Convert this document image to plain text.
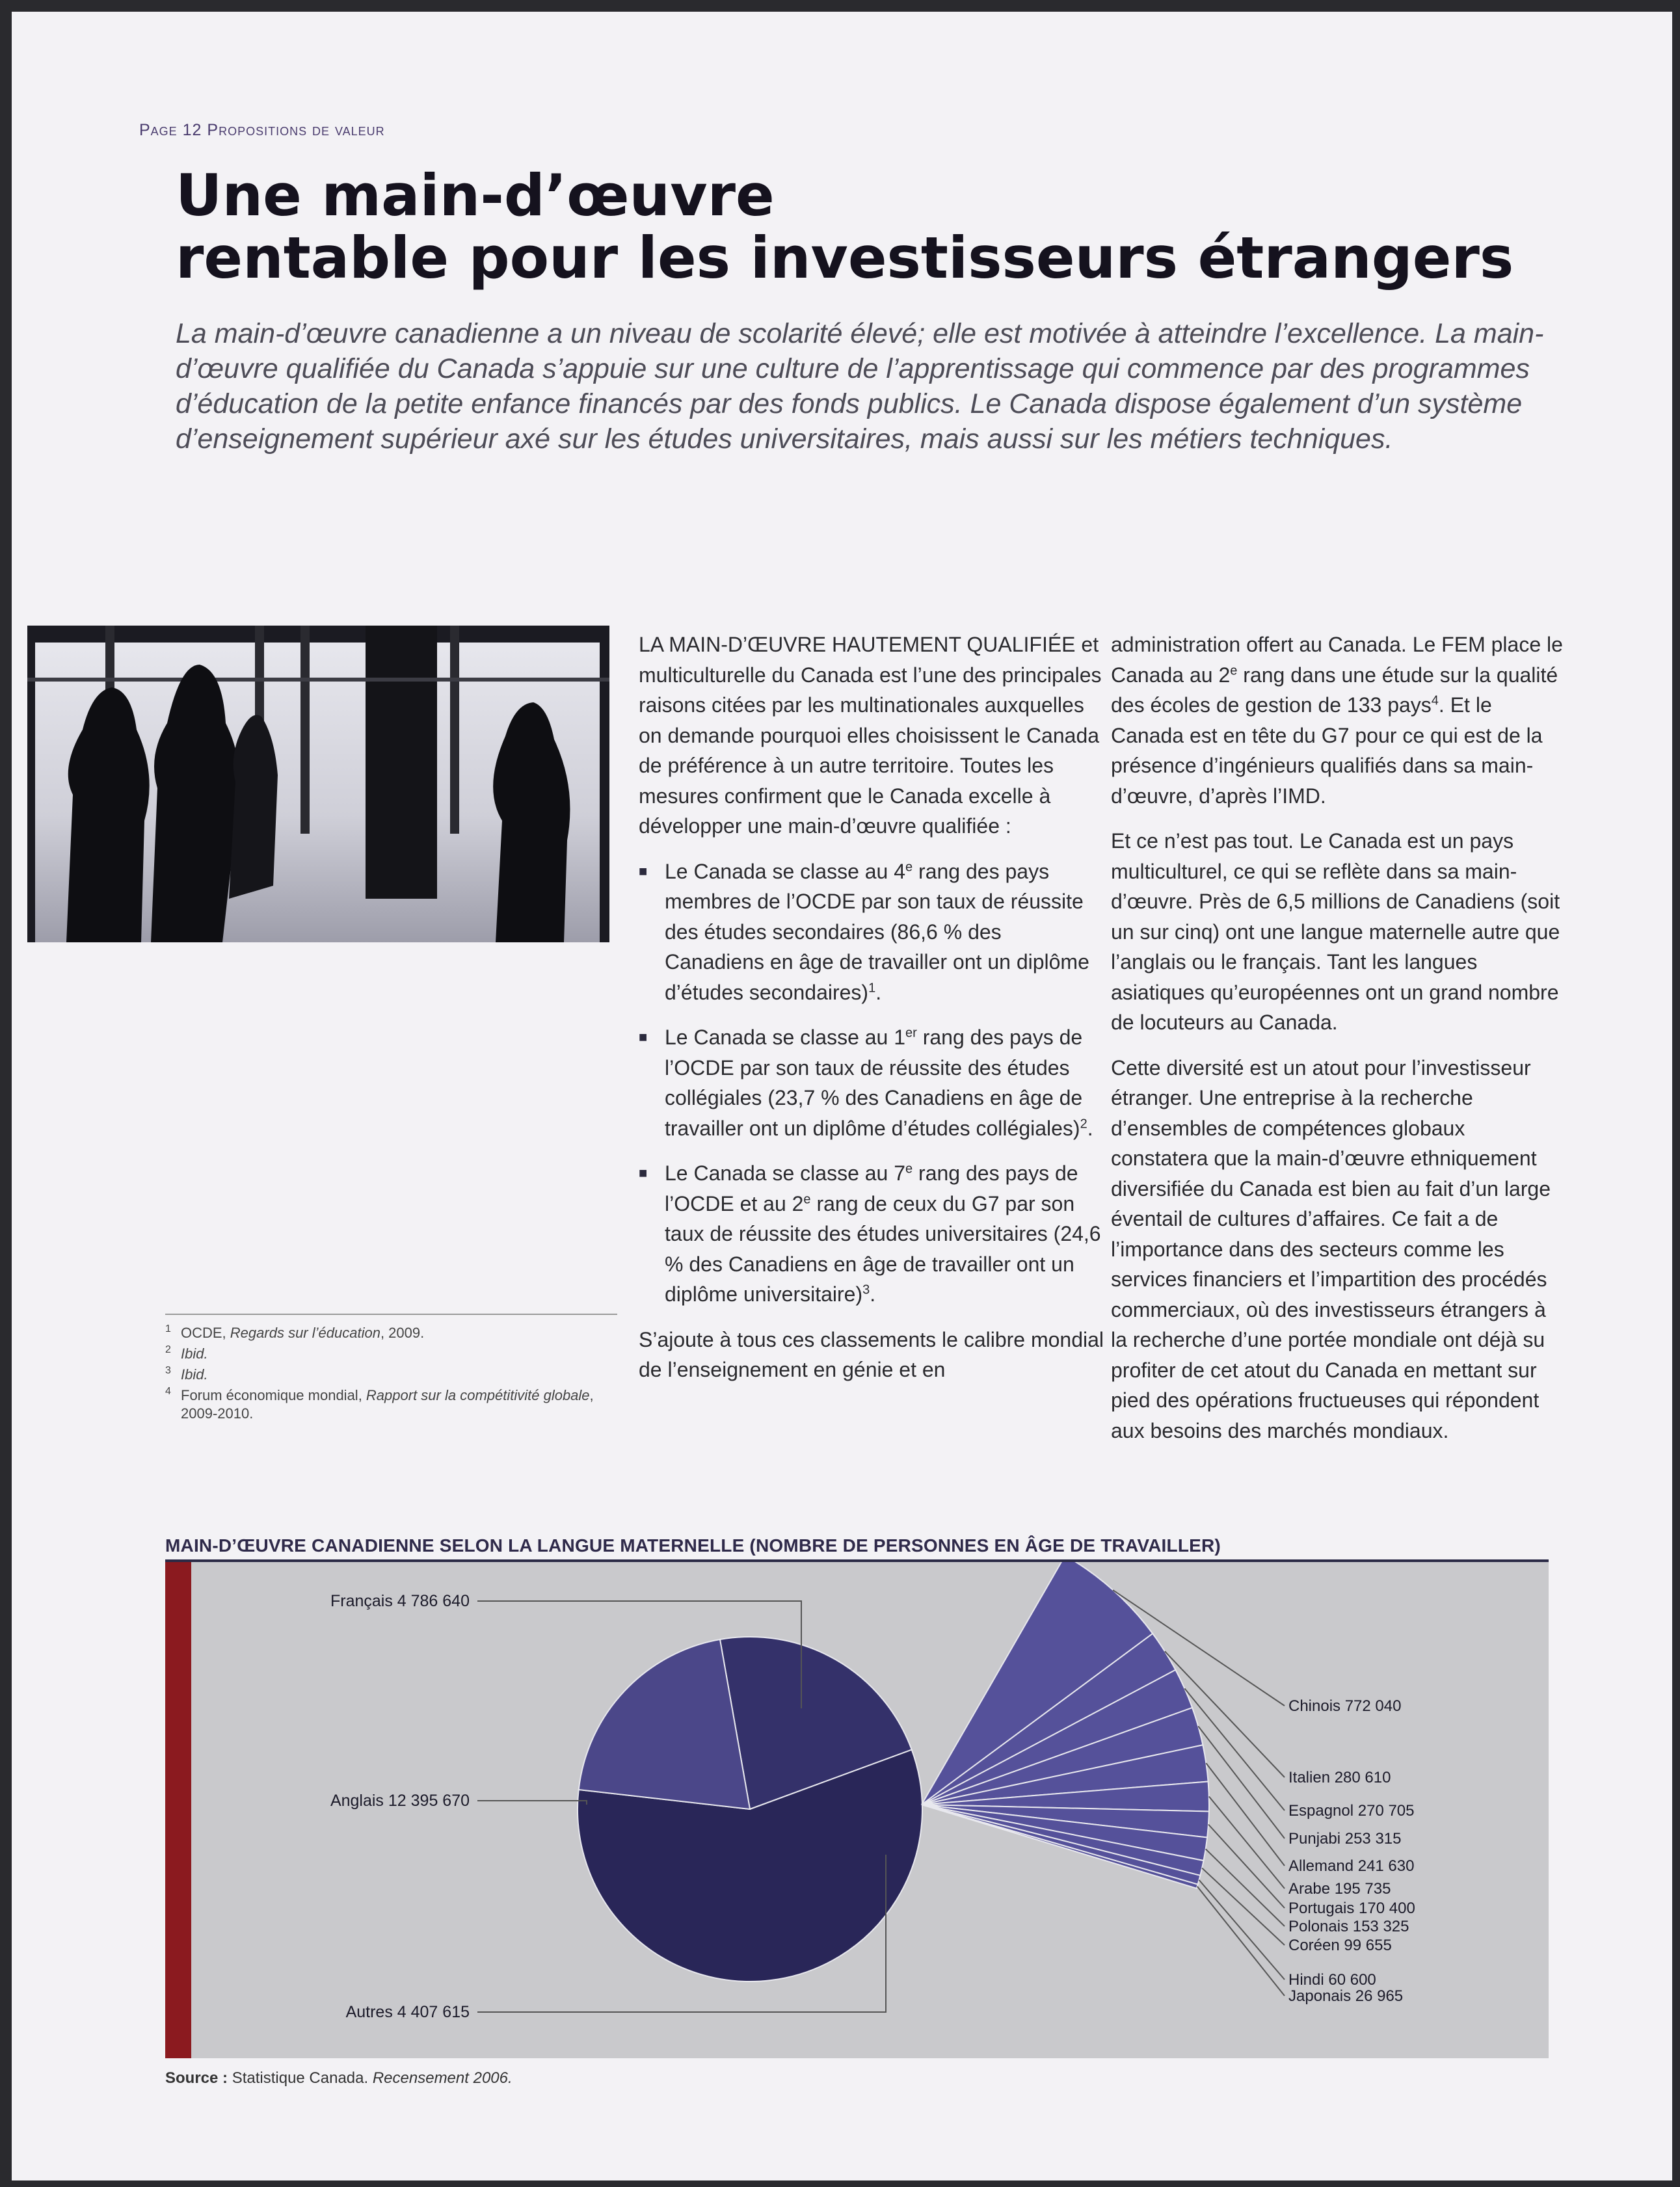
Page 12 Propositions de valeur
Une main-d’œuvre
rentable pour les investisseurs étrangers

La main-d’œuvre canadienne a un niveau de scolarité élevé; elle est motivée à atteindre l’excellence. La main-d’œuvre qualifiée du Canada s’appuie sur une culture de l’apprentissage qui commence par des programmes d’éducation de la petite enfance financés par des fonds publics. Le Canada dispose également d’un système d’enseignement supérieur axé sur les études universitaires, mais aussi sur les métiers techniques.

LA MAIN-D’ŒUVRE HAUTEMENT QUALIFIÉE et multiculturelle du Canada est l’une des principales raisons citées par les multinationales auxquelles on demande pourquoi elles choisissent le Canada de préférence à un autre territoire. Toutes les mesures confirment que le Canada excelle à développer une main-d’œuvre qualifiée :

■ Le Canada se classe au 4e rang des pays membres de l’OCDE par son taux de réussite des études secondaires (86,6 % des Canadiens en âge de travailler ont un diplôme d’études secondaires)$^1$.

■ Le Canada se classe au 1er rang des pays de l’OCDE par son taux de réussite des études collégiales (23,7 % des Canadiens en âge de travailler ont un diplôme d’études collégiales)$^2$.

■ Le Canada se classe au 7e rang des pays de l’OCDE et au 2e rang de ceux du G7 par son taux de réussite des études universitaires (24,6 % des Canadiens en âge de travailler ont un diplôme universitaire)$^3$.

S’ajoute à tous ces classements le calibre mondial de l’enseignement en génie et en

administration offert au Canada. Le FEM place le Canada au 2e rang dans une étude sur la qualité des écoles de gestion de 133 pays$^4$. Et le Canada est en tête du G7 pour ce qui est de la présence d’ingénieurs qualifiés dans sa main-d’œuvre, d’après l’IMD.

Et ce n’est pas tout. Le Canada est un pays multiculturel, ce qui se reflète dans sa main-d’œuvre. Près de 6,5 millions de Canadiens (soit un sur cinq) ont une langue maternelle autre que l’anglais ou le français. Tant les langues asiatiques qu’européennes ont un grand nombre de locuteurs au Canada.

Cette diversité est un atout pour l’investisseur étranger. Une entreprise à la recherche d’ensembles de compétences globaux constatera que la main-d’œuvre ethniquement diversifiée du Canada est bien au fait d’un large éventail de cultures d’affaires. Ce fait a de l’importance dans des secteurs comme les services financiers et l’impartition des procédés commerciaux, où des investisseurs étrangers à la recherche d’une portée mondiale ont déjà su profiter de cet atout du Canada en mettant sur pied des opérations fructueuses qui répondent aux besoins des marchés mondiaux.

1 OCDE, Regards sur l’éducation, 2009.
2 Ibid.
3 Ibid.
4 Forum économique mondial, Rapport sur la compétitivité globale, 2009-2010.
MAIN-D’ŒUVRE CANADIENNE SELON LA LANGUE MATERNELLE (NOMBRE DE PERSONNES EN ÂGE DE TRAVAILLER)
Chinois 772 040
Italien 280 610
Espagnol 270 705
Punjabi 253 315
Allemand 241 630
Arabe 195 735
Portugais 170 400
Polonais 153 325
Coréen 99 655
Hindi 60 600
Japonais 26 965
Français 4 786 640
Anglais 12 395 670
Autres 4 407 615
Source : Statistique Canada. Recensement 2006.
